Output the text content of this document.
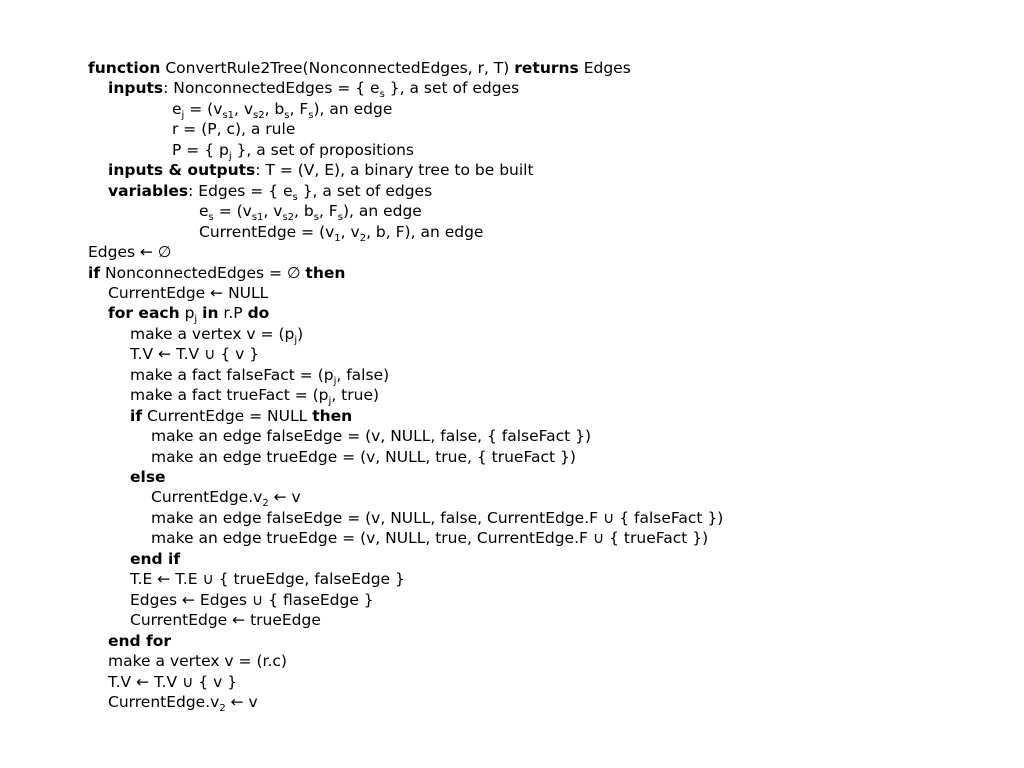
function ConvertRule2Tree(NonconnectedEdges, r, T) returns Edges
inputs: NonconnectedEdges = { $e_s$ }, a set of edges
$e_j = (v_{s1}$, $v_{s2}$, $b_s$, $F_s$), an edge
r = (P, c), a rule
P = { $p_j$ }, a set of propositions
inputs & outputs: T = (V, E), a binary tree to be built
variables: Edges = { $e_s$ }, a set of edges
$e_s = (v_{s1}$, $v_{s2}$, $b_s$, $F_s$), an edge
CurrentEdge = ($v_1$, $v_2$, b, F), an edge
Edges ← ∅
if NonconnectedEdges = ∅ then
CurrentEdge ← NULL
for each $p_j$ in r.P do
make a vertex $v = (p_j)$
T.V ← T.V ∪ { v }
make a fact falseFact = ($p_j$, false)
make a fact trueFact = ($p_j$, true)
if CurrentEdge = NULL then
make an edge falseEdge = (v, NULL, false, { falseFact })
make an edge trueEdge = (v, NULL, true, { trueFact })
else
$CurrentEdge.v_2$ ← v
make an edge falseEdge = (v, NULL, false, CurrentEdge.F ∪ { falseFact })
make an edge trueEdge = (v, NULL, true, CurrentEdge.F ∪ { trueFact })
end if
T.E ← T.E ∪ { trueEdge, falseEdge }
Edges ← Edges ∪ { flaseEdge }
CurrentEdge ← trueEdge
end for
make a vertex v = (r.c)
T.V ← T.V ∪ { v }
$CurrentEdge.v_2$ ← v
